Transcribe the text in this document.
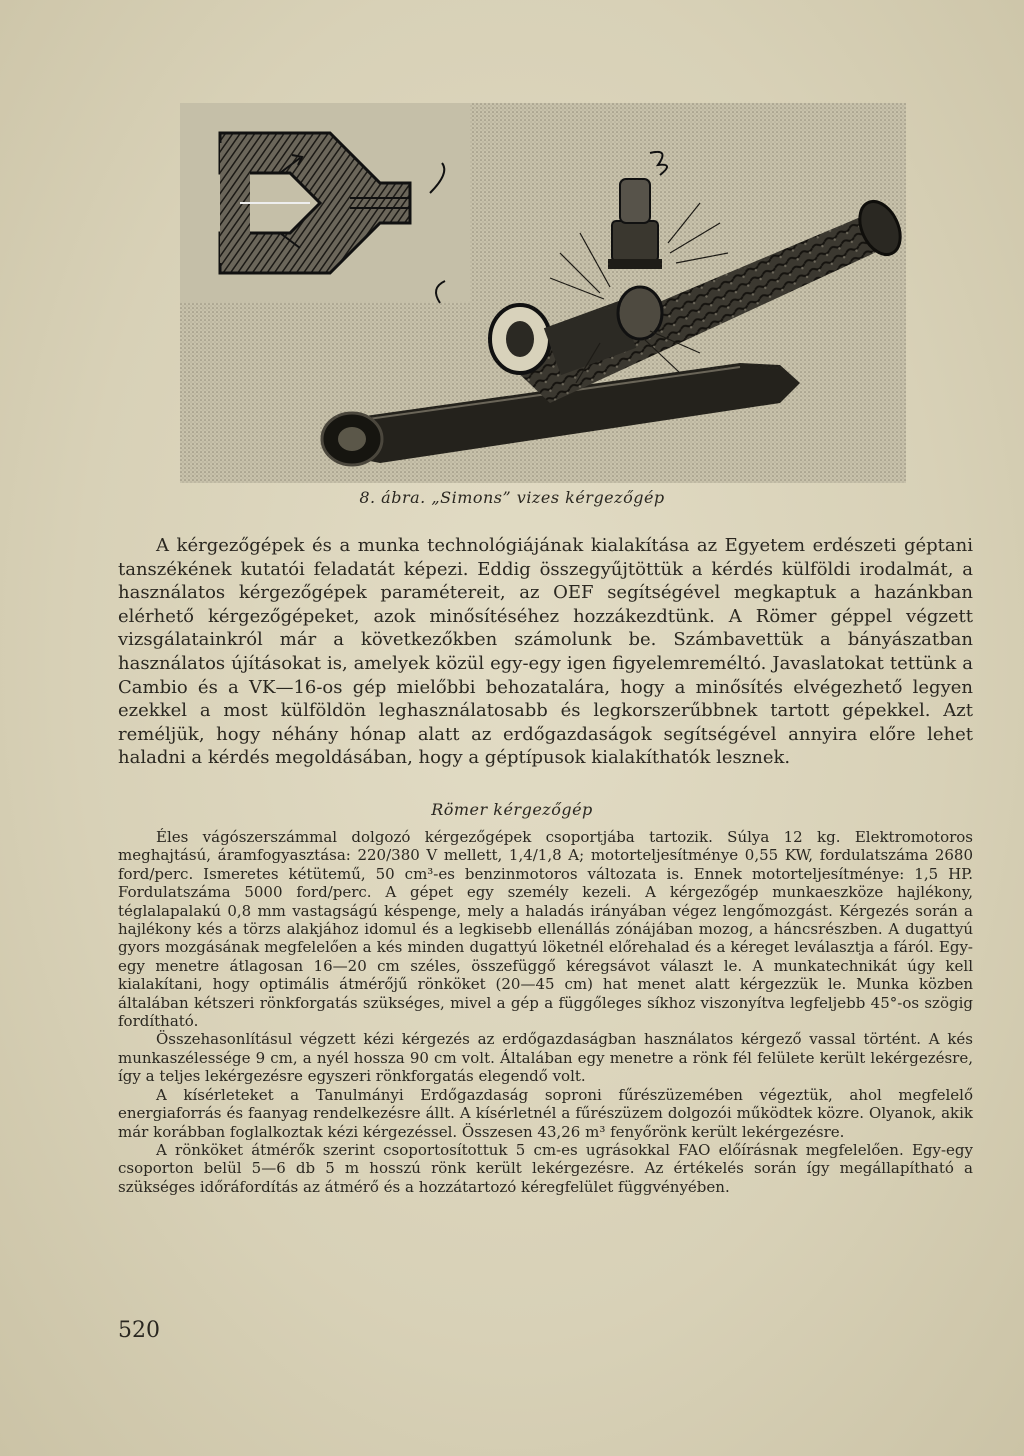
8. ábra. „Simons” vizes kérgezőgép

A kérgezőgépek és a munka technológiájának kialakítása az Egyetem erdészeti géptani tanszékének kutatói feladatát képezi. Eddig összegyűjtöttük a kérdés külföldi irodalmát, a használatos kérgezőgépek paramétereit, az OEF segítségével megkaptuk a hazánkban elérhető kérgezőgépeket, azok minősítéséhez hozzákezdtünk. A Römer géppel végzett vizsgálatainkról már a következőkben számolunk be. Számbavettük a bányászatban használatos újításokat is, amelyek közül egy-egy igen figyelemreméltó. Javaslatokat tettünk a Cambio és a VK—16-os gép mielőbbi behozatalára, hogy a minősítés elvégezhető legyen ezekkel a most külföldön leghasználatosabb és legkorszerűbbnek tartott gépekkel. Azt reméljük, hogy néhány hónap alatt az erdőgazdaságok segítségével annyira előre lehet haladni a kérdés megoldásában, hogy a géptípusok kialakíthatók lesznek.

Römer kérgezőgép

Éles vágószerszámmal dolgozó kérgezőgépek csoportjába tartozik. Súlya 12 kg. Elektromotoros meghajtású, áramfogyasztása: 220/380 V mellett, 1,4/1,8 A; motorteljesítménye 0,55 KW, fordulatszáma 2680 ford/perc. Ismeretes kétütemű, 50 cm³-es benzinmotoros változata is. Ennek motorteljesítménye: 1,5 HP. Fordulatszáma 5000 ford/perc. A gépet egy személy kezeli. A kérgezőgép munkaeszköze hajlékony, téglalapalakú 0,8 mm vastagságú késpenge, mely a haladás irányában végez lengőmozgást. Kérgezés során a hajlékony kés a törzs alakjához idomul és a legkisebb ellenállás zónájában mozog, a háncsrészben. A dugattyú gyors mozgásának megfelelően a kés minden dugattyú löketnél előrehalad és a kéreget leválasztja a fáról. Egy-egy menetre átlagosan 16—20 cm széles, összefüggő kéregsávot választ le. A munkatechnikát úgy kell kialakítani, hogy optimális átmérőjű rönköket (20—45 cm) hat menet alatt kérgezzük le. Munka közben általában kétszeri rönkforgatás szükséges, mivel a gép a függőleges síkhoz viszonyítva legfeljebb 45°-os szögig fordítható.

Összehasonlításul végzett kézi kérgezés az erdőgazdaságban használatos kérgező vassal történt. A kés munkaszélessége 9 cm, a nyél hossza 90 cm volt. Általában egy menetre a rönk fél felülete került lekérgezésre, így a teljes lekérgezésre egyszeri rönkforgatás elegendő volt.

A kísérleteket a Tanulmányi Erdőgazdaság soproni fűrészüzemében végeztük, ahol megfelelő energiaforrás és faanyag rendelkezésre állt. A kísérletnél a fűrészüzem dolgozói működtek közre. Olyanok, akik már korábban foglalkoztak kézi kérgezéssel. Összesen 43,26 m³ fenyőrönk került lekérgezésre.

A rönköket átmérők szerint csoportosítottuk 5 cm-es ugrásokkal FAO előírásnak megfelelően. Egy-egy csoporton belül 5—6 db 5 m hosszú rönk került lekérgezésre. Az értékelés során így megállapítható a szükséges időráfordítás az átmérő és a hozzátartozó kéregfelület függvényében.

520
